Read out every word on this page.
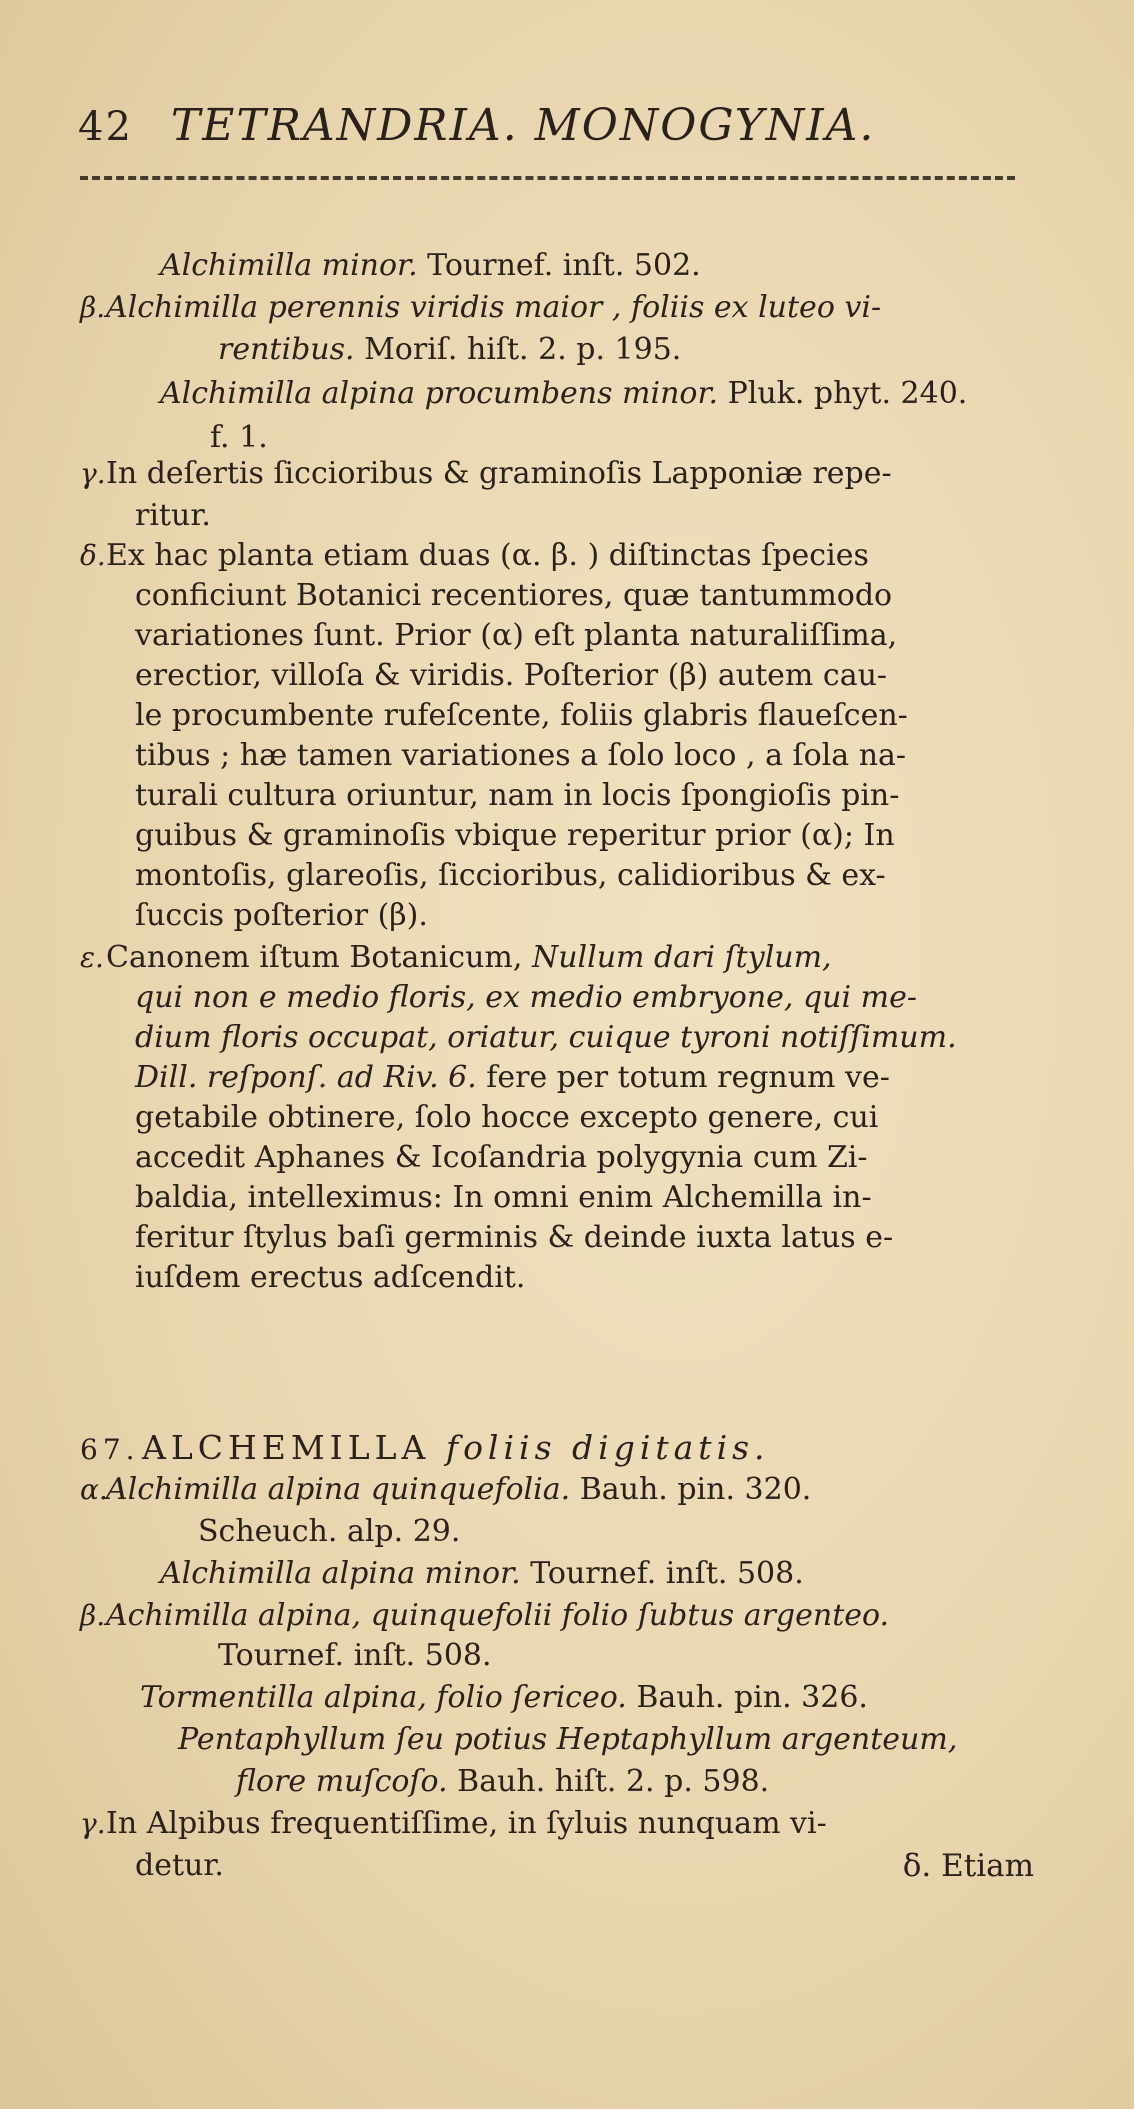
42 TETRANDRIA. MONOGYNIA.
Alchimilla minor. Tournef. inſt. 502.
β.Alchimilla perennis viridis maior , foliis ex luteo vi-
rentibus. Moriſ. hiſt. 2. p. 195.
Alchimilla alpina procumbens minor. Pluk. phyt. 240.
f. 1.
γ.In deſertis ſiccioribus & graminoſis Lapponiæ repe-
ritur.
δ.Ex hac planta etiam duas (α. β. ) diſtinctas ſpecies
conficiunt Botanici recentiores, quæ tantummodo
variationes ſunt. Prior (α) eſt planta naturaliſſima,
erectior, villoſa & viridis. Poſterior (β) autem cau-
le procumbente rufeſcente, foliis glabris flaueſcen-
tibus ; hæ tamen variationes a ſolo loco , a ſola na-
turali cultura oriuntur, nam in locis ſpongioſis pin-
guibus & graminoſis vbique reperitur prior (α); In
montoſis, glareoſis, ſiccioribus, calidioribus & ex-
ſuccis poſterior (β).
ε.Canonem iſtum Botanicum, Nullum dari ſtylum,
qui non e medio floris, ex medio embryone, qui me-
dium floris occupat, oriatur, cuique tyroni notiſſimum.
Dill. reſponſ. ad Riv. 6. fere per totum regnum ve-
getabile obtinere, ſolo hocce excepto genere, cui
accedit Aphanes & Icoſandria polygynia cum Zi-
baldia, intelleximus: In omni enim Alchemilla in-
feritur ſtylus baſi germinis & deinde iuxta latus e-
iuſdem erectus adſcendit.
67.ALCHEMILLA foliis digitatis.
α.Alchimilla alpina quinquefolia. Bauh. pin. 320.
Scheuch. alp. 29.
Alchimilla alpina minor. Tournef. inſt. 508.
β.Achimilla alpina, quinquefolii folio ſubtus argenteo.
Tournef. inſt. 508.
Tormentilla alpina, folio ſericeo. Bauh. pin. 326.
Pentaphyllum ſeu potius Heptaphyllum argenteum,
flore muſcoſo. Bauh. hiſt. 2. p. 598.
γ.In Alpibus frequentiſſime, in ſyluis nunquam vi-
detur.	δ. Etiam
